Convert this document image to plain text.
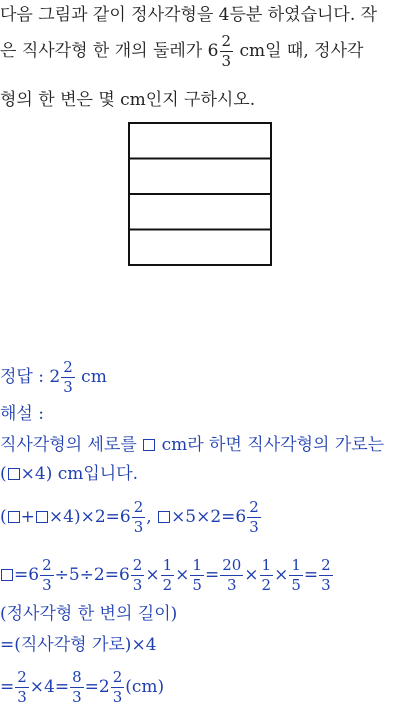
다음 그림과 같이 정사각형을 4등분 하였습니다. 작
은 직사각형 한 개의 둘레가 $6 \frac{2}{3}$ cm일 때, 정사각
형의 한 변은 몇 cm인지 구하시오.
정답 : $2 \frac{2}{3}$ cm
해설 :
직사각형의 세로를 cm라 하면 직사각형의 가로는
( ×4) cm입니다.
( + $\times 4)\times 2=6 \frac{2}{3}$ , $\times 5\times 2=6 \frac{2}{3}$
$=6 \frac{2}{3} \div 5\div 2=6 \frac{2}{3} \times \frac{1}{2} \times \frac{1}{5} = \frac{20}{3} \times \frac{1}{2} \times \frac{1}{5} = \frac{2}{3}$
(정사각형 한 변의 길이)
=(직사각형 가로)×4
= $\frac{2}{3} \times 4= \frac{8}{3} =2 \frac{2}{3} (cm)$
